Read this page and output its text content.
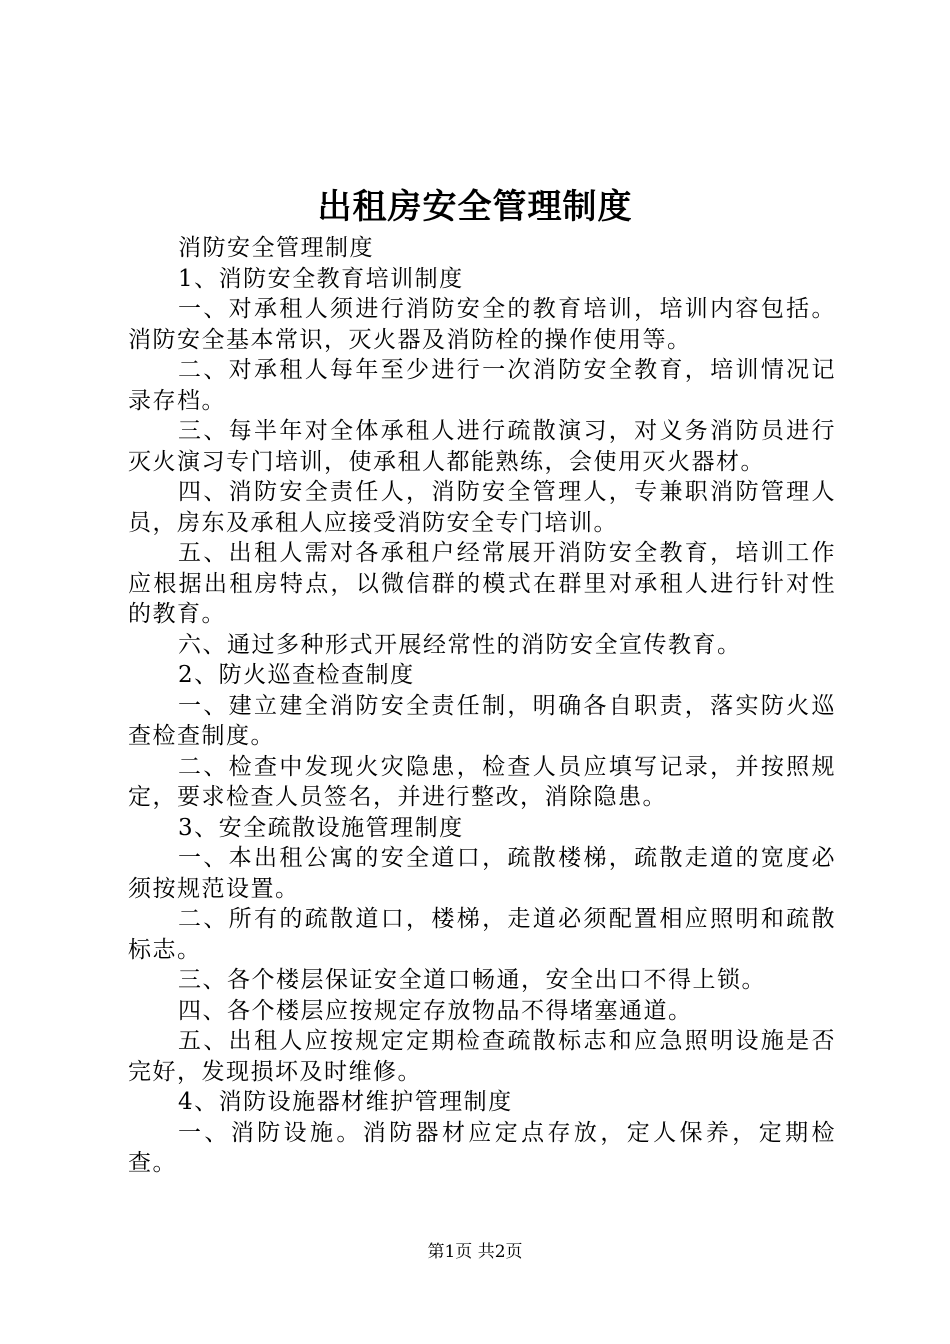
出租房安全管理制度

消防安全管理制度

1、消防安全教育培训制度

一、对承租人须进行消防安全的教育培训，培训内容包括。消防安全基本常识，灭火器及消防栓的操作使用等。

二、对承租人每年至少进行一次消防安全教育，培训情况记录存档。

三、每半年对全体承租人进行疏散演习，对义务消防员进行灭火演习专门培训，使承租人都能熟练，会使用灭火器材。

四、消防安全责任人，消防安全管理人，专兼职消防管理人员，房东及承租人应接受消防安全专门培训。

五、出租人需对各承租户经常展开消防安全教育，培训工作应根据出租房特点，以微信群的模式在群里对承租人进行针对性的教育。

六、通过多种形式开展经常性的消防安全宣传教育。

2、防火巡查检查制度

一、建立建全消防安全责任制，明确各自职责，落实防火巡查检查制度。

二、检查中发现火灾隐患，检查人员应填写记录，并按照规定，要求检查人员签名，并进行整改，消除隐患。

3、安全疏散设施管理制度

一、本出租公寓的安全道口，疏散楼梯，疏散走道的宽度必须按规范设置。

二、所有的疏散道口，楼梯，走道必须配置相应照明和疏散标志。

三、各个楼层保证安全道口畅通，安全出口不得上锁。

四、各个楼层应按规定存放物品不得堵塞通道。

五、出租人应按规定定期检查疏散标志和应急照明设施是否完好，发现损坏及时维修。

4、消防设施器材维护管理制度

一、消防设施。消防器材应定点存放，定人保养，定期检查。

第1页 共2页
